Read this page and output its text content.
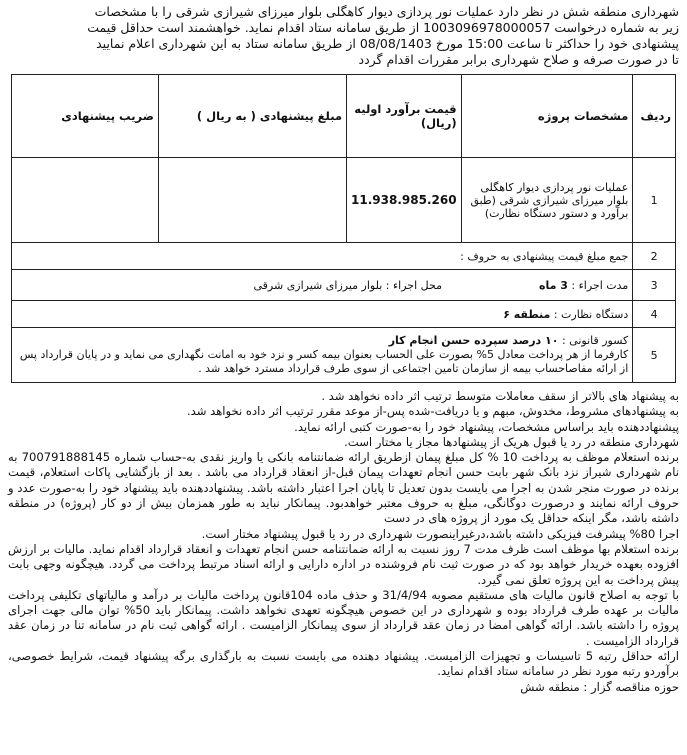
شهرداری منطقه شش در نظر دارد عملیات نور پردازی دیوار کاهگلی بلوار میرزای شیرازی شرقی را با مشخصات

زیر به شماره درخواست 1003096978000057 از طریق سامانه ستاد اقدام نماید. خواهشمند است حداقل قیمت

پیشنهادی خود را حداکثر تا ساعت 15:00 مورخ 08/08/1403 از طریق سامانه ستاد به این شهرداری اعلام نمایید

تا در صورت صرفه و صلاح شهرداری برابر مقررات اقدام گردد

ردیف	مشخصات پروژه	قیمت برآورد اولیه (ریال)	مبلغ پیشنهادی ( به ریال )	ضریب پیشنهادی
1	عملیات نور پردازی دیوار کاهگلی بلوار میرزای شیرازی شرقی (طبق برآورد و دستور دستگاه نظارت)	11.938.985.260		
2	جمع مبلغ قیمت پیشنهادی به حروف :			
3	مدت اجراء : 3 ماه  محل اجراء : بلوار میرزای شیرازی شرقی			
4	دستگاه نظارت : منطقه ۶			
5	کسور قانونی : ۱۰ درصد سپرده حسن انجام کار
کارفرما از هر پرداخت معادل 5% بصورت علی الحساب بعنوان بیمه کسر و نزد خود به امانت نگهداری می نماید و در پایان قرارداد پس از ارائه مفاصاحساب بیمه از سازمان تامین اجتماعی از سوی طرف قرارداد مسترد خواهد شد .			

به پیشنهاد های بالاتر از سقف معاملات متوسط ترتیب اثر داده نخواهد شد .

به پیشنهادهای مشروط، مخدوش، مبهم و یا دریافت-شده پس-از موعد مقرر ترتیب اثر داده نخواهد شد.

پیشنهاددهنده باید براساس مشخصات، پیشنهاد خود را به-صورت کتبی ارائه نماید.

شهرداری منطقه در رد یا قبول هریک از پیشنهادها مجاز یا مختار است.

برنده استعلام موظف به پرداخت 10 % کل مبلغ پیمان ازطریق ارائه ضمانتنامه بانکی یا واریز نقدی به-حساب شماره 700791888145 به نام شهرداری شیراز نزد بانک شهر بابت حسن انجام تعهدات پیمان قبل-از انعقاد قرارداد می باشد . بعد از بازگشایی پاکات استعلام، قیمت برنده در صورت منجر شدن به اجرا می بایست بدون تعدیل تا پایان اجرا اعتبار داشته باشد. پیشنهاددهنده باید پیشنهاد خود را به-صورت عدد و حروف ارائه نمایند و درصورت دوگانگی، مبلغ به حروف معتبر خواهدبود. پیمانکار نباید به طور همزمان بیش از دو کار (پروژه) در منطقه داشته باشد، مگر اینکه حداقل یک مورد از پروژه های در دست

اجرا 80% پیشرفت فیزیکی داشته باشد،درغیراینصورت شهرداری در رد یا قبول پیشنهاد مختار است.

برنده استعلام بها موظف است ظرف مدت 7 روز نسبت به ارائه ضمانتنامه حسن انجام تعهدات و انعقاد قرارداد اقدام نماید. مالیات بر ارزش افزوده بعهده خریدار خواهد بود که در صورت ثبت نام فروشنده در اداره دارایی و ارائه اسناد مرتبط پرداخت می گردد. هیچگونه وجهی بابت پیش پرداخت به این پروژه تعلق نمی گیرد.

با توجه به اصلاح قانون مالیات های مستقیم مصوبه 31/4/94 و حذف ماده 104قانون پرداخت مالیات بر درآمد و مالیاتهای تکلیفی پرداخت مالیات بر عهده طرف قرارداد بوده و شهرداری در این خصوص هیچگونه تعهدی نخواهد داشت. پیمانکار باید 50% توان مالی جهت اجرای پروژه را داشته باشد. ارائه گواهی امضا در زمان عقد قرارداد از سوی پیمانکار الزامیست . ارائه گواهی ثبت نام در سامانه تنا در زمان عقد قرارداد الزامیست .

ارائه حداقل رتبه 5 تاسیسات و تجهیزات الزامیست. پیشنهاد دهنده می بایست نسبت به بارگذاری برگه پیشنهاد قیمت، شرایط خصوصی، برآوردو رتبه مورد نظر در سامانه ستاد اقدام نماید.

حوزه مناقصه گزار : منطقه شش
